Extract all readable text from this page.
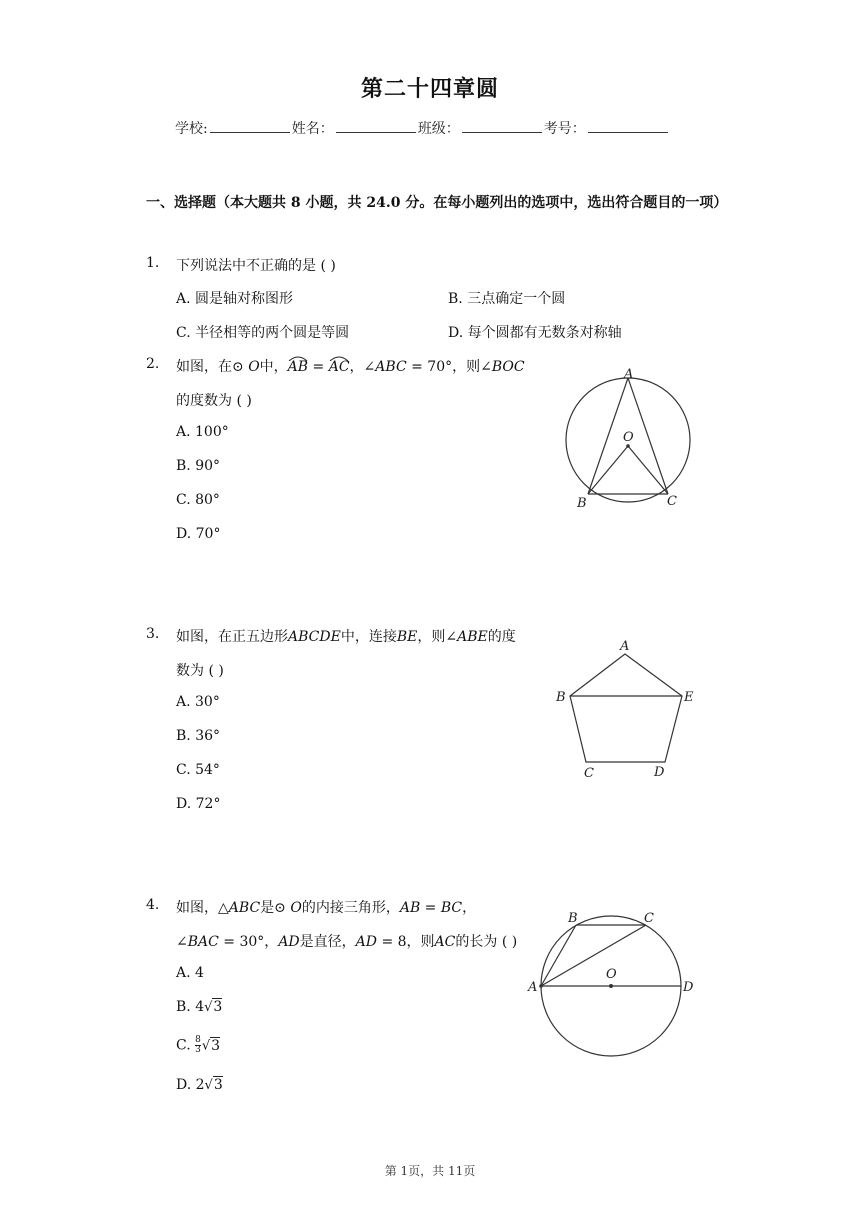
第二十四章圆
学校:	姓名：	班级：	考号：
一、选择题（本大题共 8 小题，共 24.0 分。在每小题列出的选项中，选出符合题目的一项）
1. 下列说法中不正确的是 ( )
A. 圆是轴对称图形	B. 三点确定一个圆
C. 半径相等的两个圆是等圆	D. 每个圆都有无数条对称轴
2. 如图，在⊙ O中，
AB =
AC，∠ABC = 70°，则∠BOC
的度数为 ( )
A. 100°
B. 90°
C. 80°
D. 70°
A
O
B	C
3. 如图，在正五边形ABCDE中，连接BE，则∠ABE的度
数为 ( )
A. 30°
B. 36°
C. 54°
D. 72°
A
B	E
C	D
4. 如图，△ABC是⊙ O的内接三角形，AB = BC，
∠BAC = 30°，AD是直径，AD = 8，则AC的长为 ( )
A. 4
B. 4√3
C. $\frac{8}{3} √3$
D. 2√3
B	C
O
A	D
第 1页，共 11页
